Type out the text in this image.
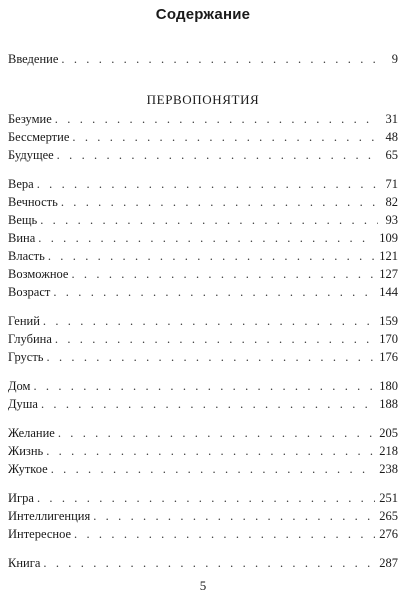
Содержание
Введение . . .	9
ПЕРВОПОНЯТИЯ
Безумие . . .	31
Бессмертие . . .	48
Будущее . . .	65
Вера . . .	71
Вечность . . .	82
Вещь . . .	93
Вина . . .	109
Власть . . .	121
Возможное . . .	127
Возраст . . .	144
Гений . . .	159
Глубина . . .	170
Грусть . . .	176
Дом . . .	180
Душа . . .	188
Желание . . .	205
Жизнь . . .	218
Жуткое . . .	238
Игра . . .	251
Интеллигенция . . .	265
Интересное . . .	276
Книга . . .	287
5
